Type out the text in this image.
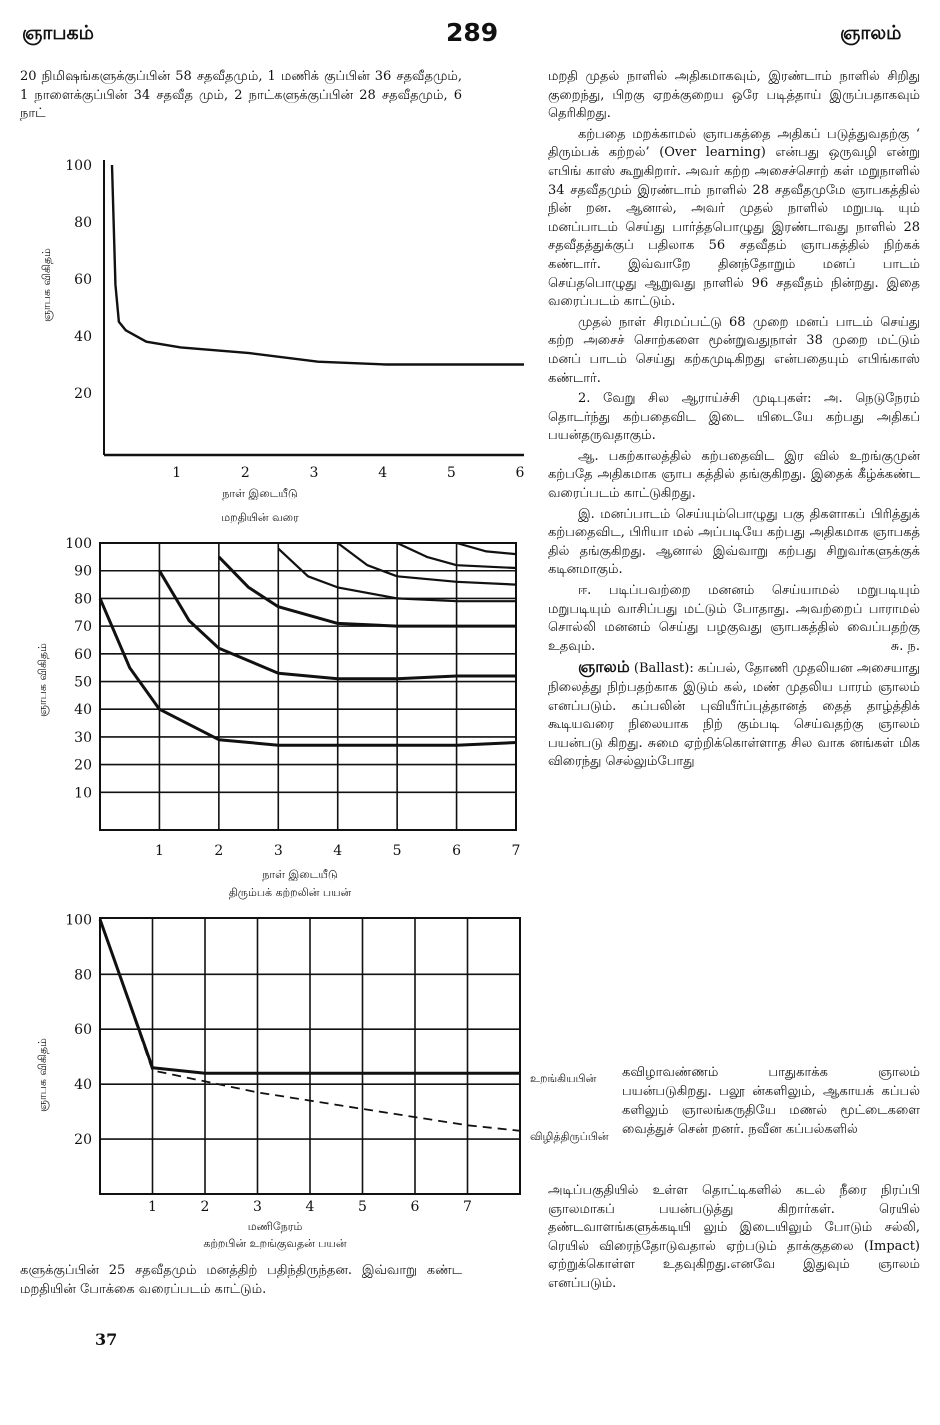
ஞாபகம்	289	ஞாலம்

20 நிமிஷங்களுக்குப்பின் 58 சதவீதமும், 1 மணிக் குப்பின் 36 சதவீதமும், 1 நாளைக்குப்பின் 34 சதவீத மும், 2 நாட்களுக்குப்பின் 28 சதவீதமும், 6 நாட்

ஞாபக விகிதம்
நாள் இடையீடு
மறதியின் வரை
100
80
60
40
20
1	2	3	4	5	6
ஞாபக விகிதம்
நாள் இடையீடு
திரும்பக் கற்றலின் பயன்
100
90
80
70
60
50
40
30
20
10
1	2	3	4	5	6	7
ஞாபக விகிதம்
மணிநேரம்
கற்றபின் உறங்குவதன் பயன்
உறங்கியபின்
விழித்திருப்பின்
100
80
60
40
20
1	2	3	4	5	6	7

களுக்குப்பின் 25 சதவீதமும் மனத்திற் பதிந்திருந்தன. இவ்வாறு கண்ட மறதியின் போக்கை வரைப்படம் காட்டும்.

37

மறதி முதல் நாளில் அதிகமாகவும், இரண்டாம் நாளில் சிறிது குறைந்து, பிறகு ஏறக்குறைய ஒரே படித்தாய் இருப்பதாகவும் தெரிகிறது.

கற்பதை மறக்காமல் ஞாபகத்தை அதிகப் படுத்துவதற்கு ‘ திரும்பக் கற்றல்’ (Over learning) என்பது ஒருவழி என்று எபிங் காஸ் கூறுகிறார். அவர் கற்ற அசைச்சொற் கள் மறுநாளில் 34 சதவீதமும் இரண்டாம் நாளில் 28 சதவீதமுமே ஞாபகத்தில் நின் றன. ஆனால், அவர் முதல் நாளில் மறுபடி யும் மனப்பாடம் செய்து பார்த்தபொழுது இரண்டாவது நாளில் 28 சதவீதத்துக்குப் பதிலாக 56 சதவீதம் ஞாபகத்தில் நிற்கக் கண்டார். இவ்வாறே தினந்தோறும் மனப் பாடம் செய்தபொழுது ஆறுவது நாளில் 96 சதவீதம் நின்றது. இதை வரைப்படம் காட்டும்.

முதல் நாள் சிரமப்பட்டு 68 முறை மனப் பாடம் செய்து கற்ற அசைச் சொற்களை மூன்றுவதுநாள் 38 முறை மட்டும் மனப் பாடம் செய்து கற்கமுடிகிறது என்பதையும் எபிங்காஸ் கண்டார்.

2. வேறு சில ஆராய்ச்சி முடிபுகள்: அ. நெடுநேரம் தொடர்ந்து கற்பதைவிட இடை யிடையே கற்பது அதிகப் பயன்தருவதாகும்.

ஆ. பகற்காலத்தில் கற்பதைவிட இர வில் உறங்குமுன் கற்பதே அதிகமாக ஞாப கத்தில் தங்குகிறது. இதைக் கீழ்க்கண்ட வரைப்படம் காட்டுகிறது.

இ. மனப்பாடம் செய்யும்பொழுது பகு திகளாகப் பிரித்துக் கற்பதைவிட, பிரியா மல் அப்படியே கற்பது அதிகமாக ஞாபகத் தில் தங்குகிறது. ஆனால் இவ்வாறு கற்பது சிறுவர்களுக்குக் கடினமாகும்.

ஈ. படிப்பவற்றை மனனம் செய்யாமல் மறுபடியும் மறுபடியும் வாசிப்பது மட்டும் போதாது. அவற்றைப் பாராமல் சொல்லி மனனம் செய்து பழகுவது ஞாபகத்தில் வைப்பதற்கு உதவும்.	சு. ந.

ஞாலம் (Ballast): கப்பல், தோணி முதலியன அசையாது நிலைத்து நிற்பதற்காக இடும் கல், மண் முதலிய பாரம் ஞாலம் எனப்படும். கப்பலின் புவியீர்ப்புத்தானத் தைத் தாழ்த்திக் கூடியவரை நிலையாக நிற் கும்படி செய்வதற்கு ஞாலம் பயன்படு கிறது. சுமை ஏற்றிக்கொள்ளாத சில வாக னங்கள் மிக விரைந்து செல்லும்போது

கவிழாவண்ணம் பாதுகாக்க ஞாலம் பயன்படுகிறது. பலூ ன்களிலும், ஆகாயக் கப்பல் களிலும் ஞாலங்கருதியே மணல் மூட்டைகளை வைத்துச் சென் றனர். நவீன கப்பல்களில்
அடிப்பகுதியில் உள்ள தொட்டிகளில் கடல் நீரை நிரப்பி ஞாலமாகப் பயன்படுத்து கிறார்கள். ரெயில் தண்டவாளங்களுக்கடியி லும் இடையிலும் போடும் சல்லி, ரெயில் விரைந்தோடுவதால் ஏற்படும் தாக்குதலை (Impact) ஏற்றுக்கொள்ள உதவுகிறது.எனவே இதுவும் ஞாலம் எனப்படும்.
